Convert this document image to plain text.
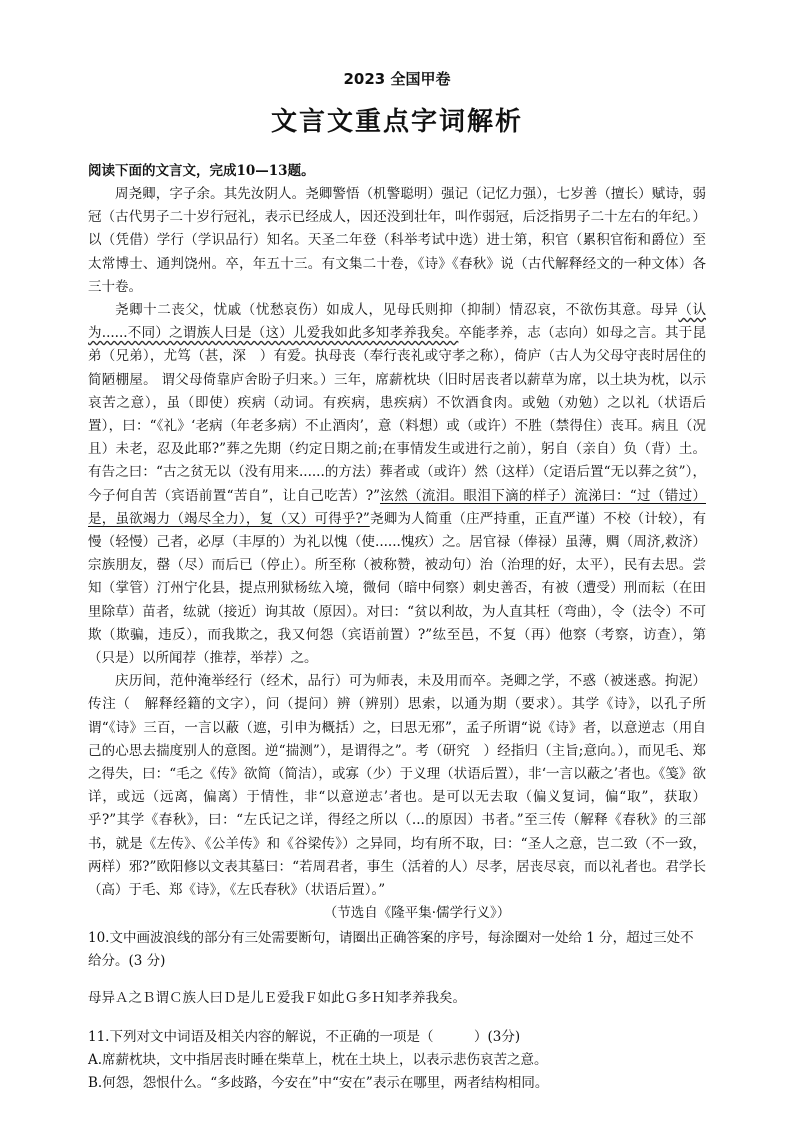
2023 全国甲卷
文言文重点字词解析
阅读下面的文言文，完成10—13题。

周尧卿，字子余。其先汝阴人。尧卿警悟（机警聪明）强记（记忆力强），七岁善（擅长）赋诗，弱冠（古代男子二十岁行冠礼，表示已经成人，因还没到壮年，叫作弱冠，后泛指男子二十左右的年纪。）以（凭借）学行（学识品行）知名。天圣二年登（科举考试中选）进士第，积官（累积官衔和爵位）至太常博士、通判饶州。卒，年五十三。有文集二十卷，《诗》《春秋》说（古代解释经文的一种文体）各三十卷。

尧卿十二丧父，忧戚（忧愁哀伤）如成人，见母氏则抑（抑制）情忍哀，不欲伤其意。母异（认为......不同）之谓族人曰是（这）儿爱我如此多知孝养我矣。卒能孝养，志（志向）如母之言。其于昆弟（兄弟），尤笃（甚，深　）有爱。执母丧（奉行丧礼或守孝之称），倚庐（古人为父母守丧时居住的简陋棚屋。 谓父母倚靠庐舍盼子归来。）三年，席薪枕块（旧时居丧者以薪草为席，以土块为枕，以示哀苦之意），虽（即使）疾病（动词。有疾病，患疾病）不饮酒食肉。或勉（劝勉）之以礼（状语后置），曰：“《礼》‘老病（年老多病）不止酒肉’，意（料想）或（或许）不胜（禁得住）丧耳。病且（况且）未老，忍及此耶?”葬之先期（约定日期之前;在事情发生或进行之前），躬自（亲自）负（背）土。有告之曰：“古之贫无以（没有用来......的方法）葬者或（或许）然（这样）（定语后置“无以葬之贫”），今子何自苦（宾语前置“苦自”，让自己吃苦）?”泫然（流泪。眼泪下滴的样子）流涕曰：“过（错过）是，虽欲竭力（竭尽全力），复（又）可得乎?”尧卿为人简重（庄严持重，正直严谨）不校（计较），有慢（轻慢）己者，必厚（丰厚的）为礼以愧（使......愧疚）之。居官禄（俸禄）虽薄，赒（周济,救济）宗族朋友，罄（尽）而后已（停止）。所至称（被称赞，被动句）治（治理的好，太平），民有去思。尝知（掌管）汀州宁化县，提点刑狱杨纮入境，微伺（暗中伺察）刺史善否，有被（遭受）刑而耘（在田里除草）苗者，纮就（接近）询其故（原因）。对曰：“贫以利故，为人直其枉（弯曲），令（法令）不可欺（欺骗，违反），而我欺之，我又何怨（宾语前置）?”纮至邑，不复（再）他察（考察，访查），第（只是）以所闻荐（推荐，举荐）之。

庆历间，范仲淹举经行（经术，品行）可为师表，未及用而卒。尧卿之学，不惑（被迷惑。拘泥）传注（　解释经籍的文字），问（提问）辨（辨别）思索，以通为期（要求）。其学《诗》，以孔子所谓“《诗》三百，一言以蔽（遮，引申为概括）之，曰思无邪”，孟子所谓“说《诗》者，以意逆志（用自己的心思去揣度别人的意图。逆“揣测”），是谓得之”。考（研究　）经指归（主旨;意向。），而见毛、郑之得失，曰：“毛之《传》欲简（简洁），或寡（少）于义理（状语后置），非‘一言以蔽之’者也。《笺》欲详，或远（远离，偏离）于情性，非“以意逆志’者也。是可以无去取（偏义复词，偏“取”，获取）乎?”其学《春秋》，曰：“左氏记之详，得经之所以（...的原因）书者。”至三传（解释《春秋》的三部书，就是《左传》、《公羊传》和《谷梁传》）之异同，均有所不取，曰：“圣人之意，岂二致（不一致，两样）邪?”欧阳修以文表其墓曰：“若周君者，事生（活着的人）尽孝，居丧尽哀，而以礼者也。君学长（高）于毛、郑《诗》，《左氏春秋》（状语后置）。”

（节选自《隆平集·儒学行义》）

10.文中画波浪线的部分有三处需要断句，请圈出正确答案的序号，每涂圈对一处给 1 分，超过三处不给分。(3 分)

母异Ａ之Ｂ谓Ｃ族人曰Ｄ是儿Ｅ爱我Ｆ如此Ｇ多Ｈ知孝养我矣。

11.下列对文中词语及相关内容的解说，不正确的一项是（　　　）(3分)

A.席薪枕块，文中指居丧时睡在柴草上，枕在土块上，以表示悲伤哀苦之意。

B.何怨，怨恨什么。“多歧路，今安在”中“安在”表示在哪里，两者结构相同。
